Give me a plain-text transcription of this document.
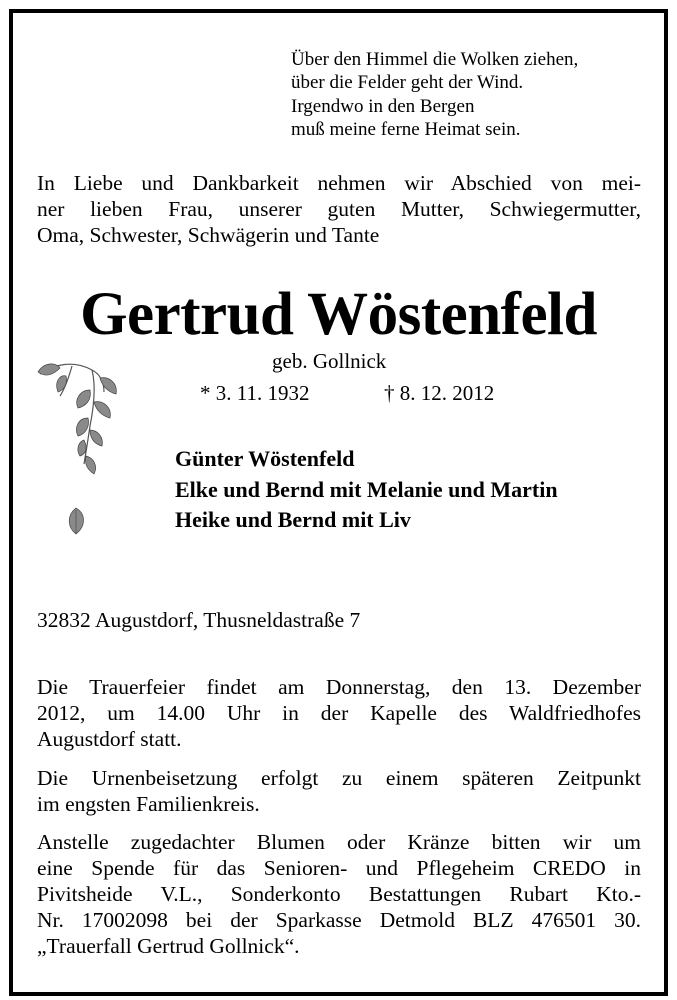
Über den Himmel die Wolken ziehen,
über die Felder geht der Wind.
Irgendwo in den Bergen
muß meine ferne Heimat sein.
In Liebe und Dankbarkeit nehmen wir Abschied von mei-
ner lieben Frau, unserer guten Mutter, Schwiegermutter,
Oma, Schwester, Schwägerin und Tante
Gertrud Wöstenfeld
geb. Gollnick
* 3. 11. 1932	† 8. 12. 2012
Günter Wöstenfeld
Elke und Bernd mit Melanie und Martin
Heike und Bernd mit Liv
32832 Augustdorf, Thusneldastraße 7
Die Trauerfeier findet am Donnerstag, den 13. Dezember
2012, um 14.00 Uhr in der Kapelle des Waldfriedhofes
Augustdorf statt.
Die Urnenbeisetzung erfolgt zu einem späteren Zeitpunkt
im engsten Familienkreis.
Anstelle zugedachter Blumen oder Kränze bitten wir um
eine Spende für das Senioren- und Pflegeheim CREDO in
Pivitsheide V.L., Sonderkonto Bestattungen Rubart Kto.-
Nr. 17002098 bei der Sparkasse Detmold BLZ 476501 30.
„Trauerfall Gertrud Gollnick“.
